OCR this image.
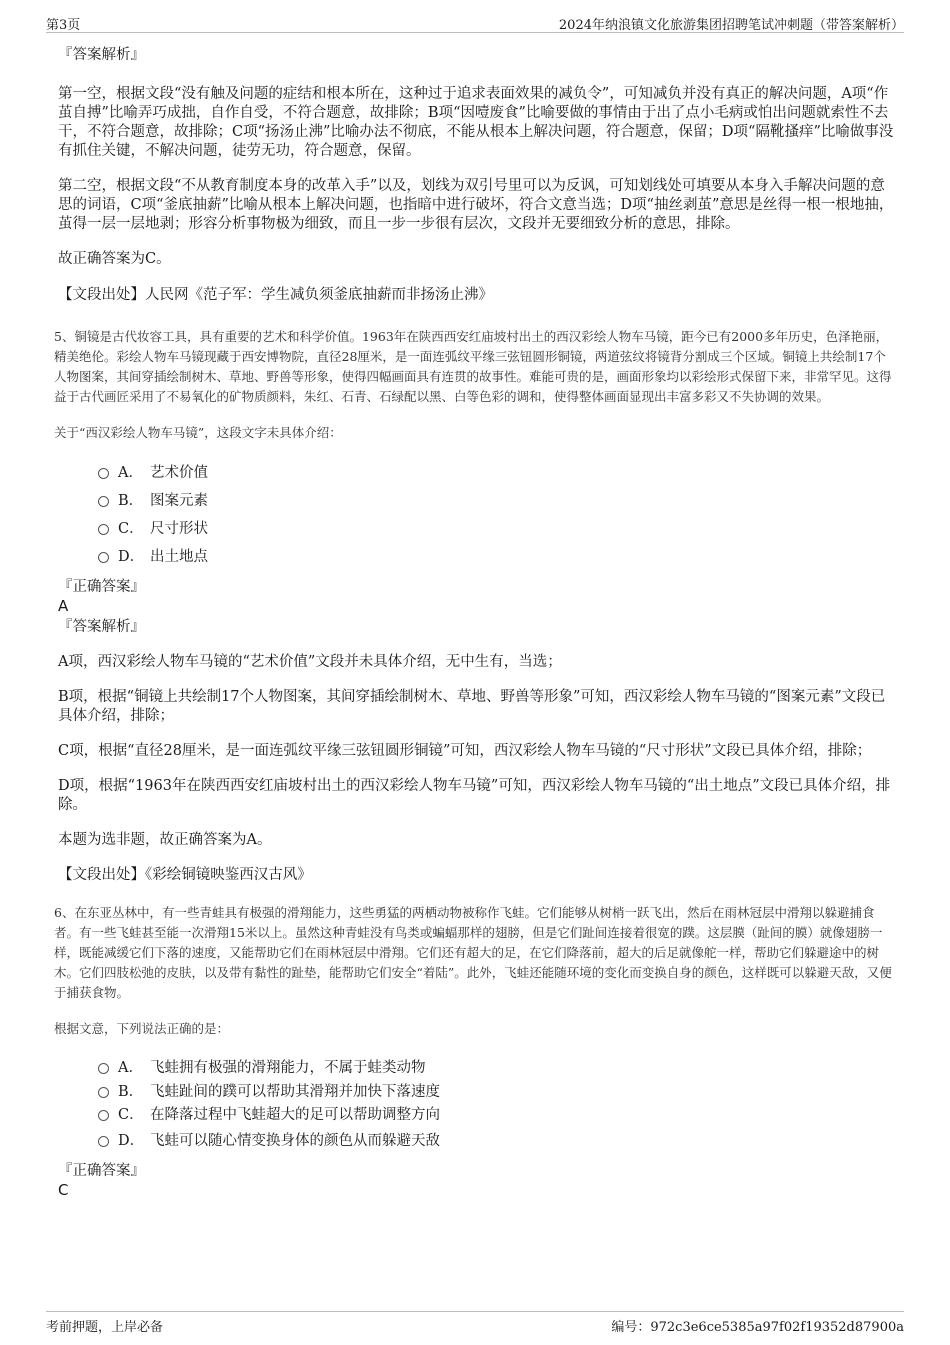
第3页	2024年纳浪镇文化旅游集团招聘笔试冲刺题（带答案解析）
『答案解析』

第一空，根据文段“没有触及问题的症结和根本所在，这种过于追求表面效果的减负令”，可知减负并没有真正的解决问题，A项“作茧自搏”比喻弄巧成拙，自作自受，不符合题意，故排除；B项“因噎废食”比喻要做的事情由于出了点小毛病或怕出问题就索性不去干，不符合题意，故排除；C项“扬汤止沸”比喻办法不彻底，不能从根本上解决问题，符合题意，保留；D项“隔靴搔痒”比喻做事没有抓住关键，不解决问题，徒劳无功，符合题意，保留。

第二空，根据文段“不从教育制度本身的改革入手”以及，划线为双引号里可以为反讽，可知划线处可填要从本身入手解决问题的意思的词语，C项“釜底抽薪”比喻从根本上解决问题，也指暗中进行破坏，符合文意当选；D项“抽丝剥茧”意思是丝得一根一根地抽，茧得一层一层地剥；形容分析事物极为细致，而且一步一步很有层次，文段并无要细致分析的意思，排除。

故正确答案为C。

【文段出处】人民网《范子军：学生减负须釜底抽薪而非扬汤止沸》

5、铜镜是古代妆容工具，具有重要的艺术和科学价值。1963年在陕西西安红庙坡村出土的西汉彩绘人物车马镜，距今已有2000多年历史，色泽艳丽，精美绝伦。彩绘人物车马镜现藏于西安博物院，直径28厘米，是一面连弧纹平缘三弦钮圆形铜镜，两道弦纹将镜背分割成三个区域。铜镜上共绘制17个人物图案，其间穿插绘制树木、草地、野兽等形象，使得四幅画面具有连贯的故事性。难能可贵的是，画面形象均以彩绘形式保留下来，非常罕见。这得益于古代画匠采用了不易氧化的矿物质颜料，朱红、石青、石绿配以黑、白等色彩的调和，使得整体画面显现出丰富多彩又不失协调的效果。

关于“西汉彩绘人物车马镜”，这段文字未具体介绍：

A． 艺术价值
B． 图案元素
C． 尺寸形状
D． 出土地点
『正确答案』
A
『答案解析』

A项，西汉彩绘人物车马镜的“艺术价值”文段并未具体介绍，无中生有，当选；

B项，根据“铜镜上共绘制17个人物图案，其间穿插绘制树木、草地、野兽等形象”可知，西汉彩绘人物车马镜的“图案元素”文段已具体介绍，排除；

C项，根据“直径28厘米，是一面连弧纹平缘三弦钮圆形铜镜”可知，西汉彩绘人物车马镜的“尺寸形状”文段已具体介绍，排除；

D项，根据“1963年在陕西西安红庙坡村出土的西汉彩绘人物车马镜”可知，西汉彩绘人物车马镜的“出土地点”文段已具体介绍，排除。

本题为选非题，故正确答案为A。

【文段出处】《彩绘铜镜映鉴西汉古风》

6、在东亚丛林中，有一些青蛙具有极强的滑翔能力，这些勇猛的两栖动物被称作飞蛙。它们能够从树梢一跃飞出，然后在雨林冠层中滑翔以躲避捕食者。有一些飞蛙甚至能一次滑翔15米以上。虽然这种青蛙没有鸟类或蝙蝠那样的翅膀，但是它们趾间连接着很宽的蹼。这层膜（趾间的膜）就像翅膀一样，既能减缓它们下落的速度，又能帮助它们在雨林冠层中滑翔。它们还有超大的足，在它们降落前，超大的后足就像舵一样，帮助它们躲避途中的树木。它们四肢松弛的皮肤，以及带有黏性的趾垫，能帮助它们安全“着陆”。此外，飞蛙还能随环境的变化而变换自身的颜色，这样既可以躲避天敌，又便于捕获食物。

根据文意，下列说法正确的是：

A． 飞蛙拥有极强的滑翔能力，不属于蛙类动物
B． 飞蛙趾间的蹼可以帮助其滑翔并加快下落速度
C． 在降落过程中飞蛙超大的足可以帮助调整方向
D． 飞蛙可以随心情变换身体的颜色从而躲避天敌
『正确答案』
C
考前押题，上岸必备	编号：972c3e6ce5385a97f02f19352d87900a
